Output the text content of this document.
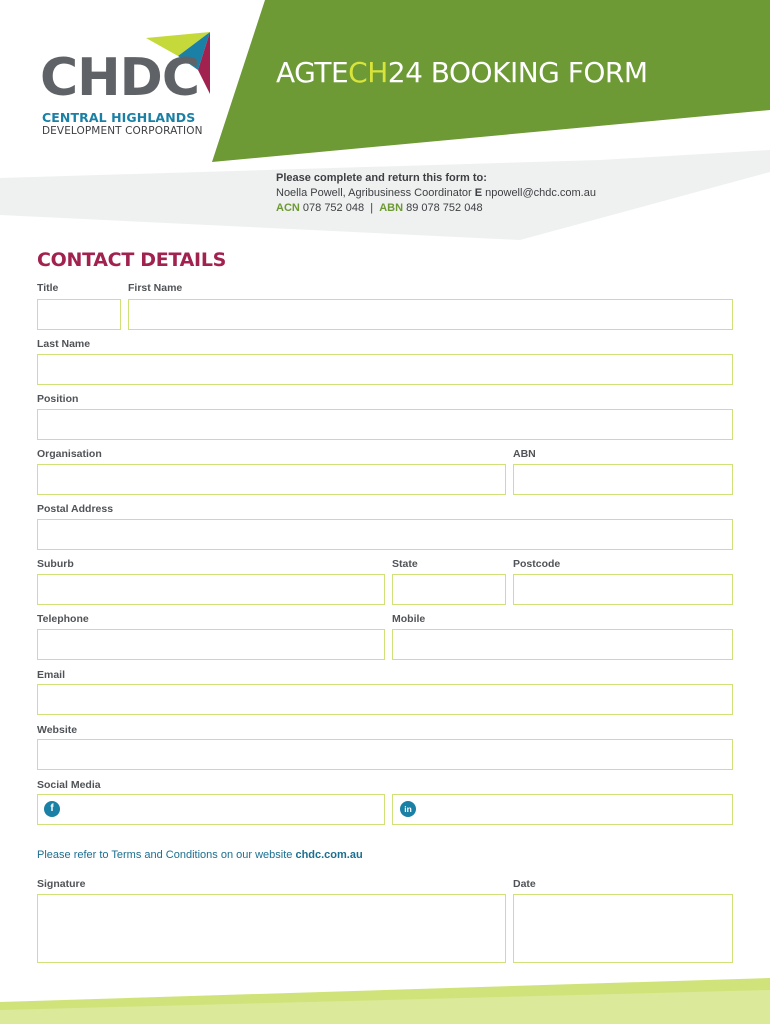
CHDC
CENTRAL HIGHLANDS
DEVELOPMENT CORPORATION
AGTECH24 BOOKING FORM
Please complete and return this form to:
Noella Powell, Agribusiness Coordinator E npowell@chdc.com.au
ACN 078 752 048 | ABN 89 078 752 048
CONTACT DETAILS
Title	First Name
Last Name
Position
Organisation	ABN
Postal Address
Suburb	State	Postcode
Telephone	Mobile
Email
Website
Social Media
f	in
Please refer to Terms and Conditions on our website chdc.com.au
Signature	Date
